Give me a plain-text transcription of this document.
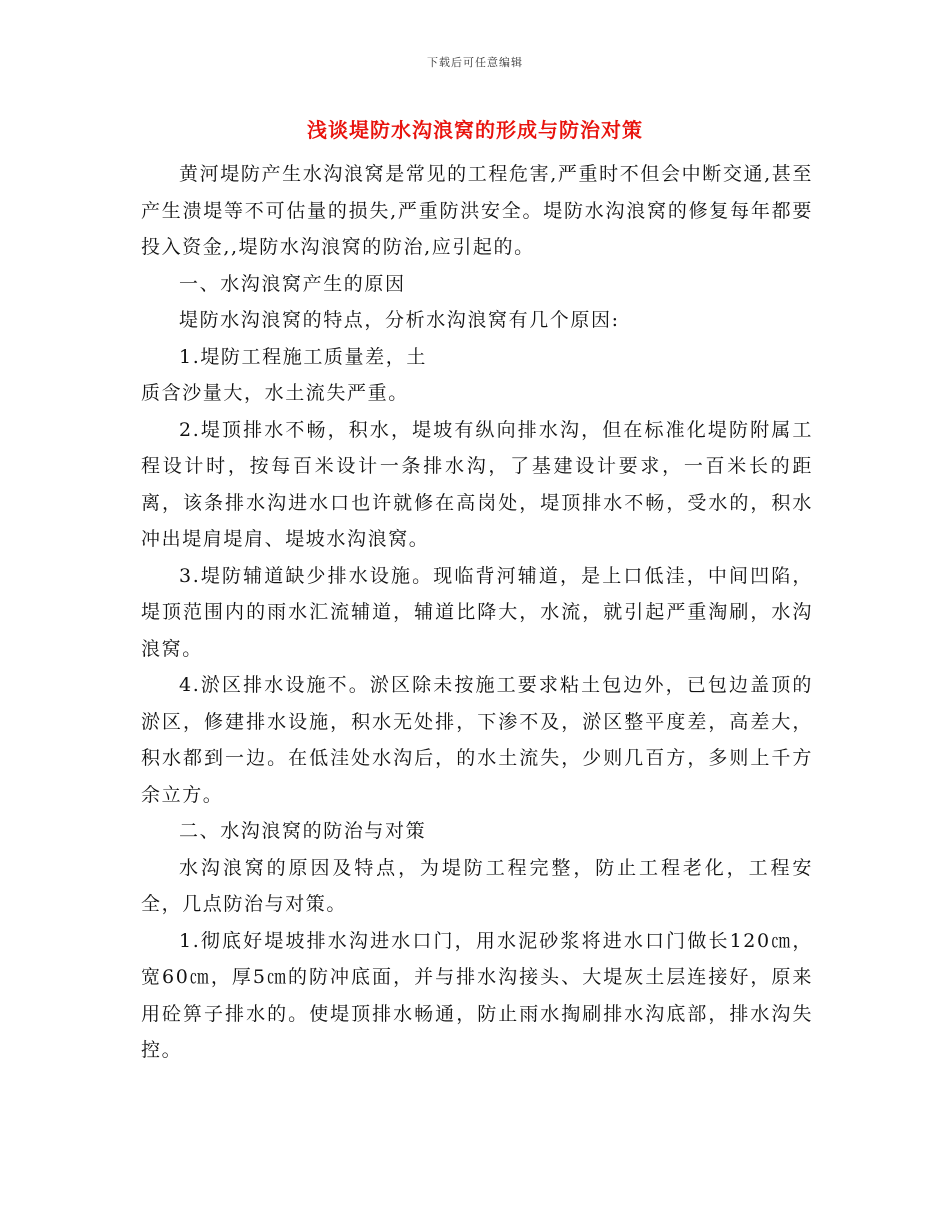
下载后可任意编辑
浅谈堤防水沟浪窝的形成与防治对策

黄河堤防产生水沟浪窝是常见的工程危害,严重时不但会中断交通,甚至产生溃堤等不可估量的损失,严重防洪安全。堤防水沟浪窝的修复每年都要投入资金,,堤防水沟浪窝的防治,应引起的。

一、水沟浪窝产生的原因

堤防水沟浪窝的特点，分析水沟浪窝有几个原因:

1.堤防工程施工质量差，土

质含沙量大，水土流失严重。

2.堤顶排水不畅，积水，堤坡有纵向排水沟，但在标准化堤防附属工程设计时，按每百米设计一条排水沟，了基建设计要求，一百米长的距离，该条排水沟进水口也许就修在高岗处，堤顶排水不畅，受水的，积水冲出堤肩堤肩、堤坡水沟浪窝。

3.堤防辅道缺少排水设施。现临背河辅道，是上口低洼，中间凹陷，堤顶范围内的雨水汇流辅道，辅道比降大，水流，就引起严重淘刷，水沟浪窝。

4.淤区排水设施不。淤区除未按施工要求粘土包边外，已包边盖顶的淤区，修建排水设施，积水无处排，下渗不及，淤区整平度差，高差大，积水都到一边。在低洼处水沟后，的水土流失，少则几百方，多则上千方余立方。

二、水沟浪窝的防治与对策

水沟浪窝的原因及特点，为堤防工程完整，防止工程老化，工程安全，几点防治与对策。

1.彻底好堤坡排水沟进水口门，用水泥砂浆将进水口门做长120㎝，宽60㎝，厚5㎝的防冲底面，并与排水沟接头、大堤灰土层连接好，原来用砼箅子排水的。使堤顶排水畅通，防止雨水掏刷排水沟底部，排水沟失控。
